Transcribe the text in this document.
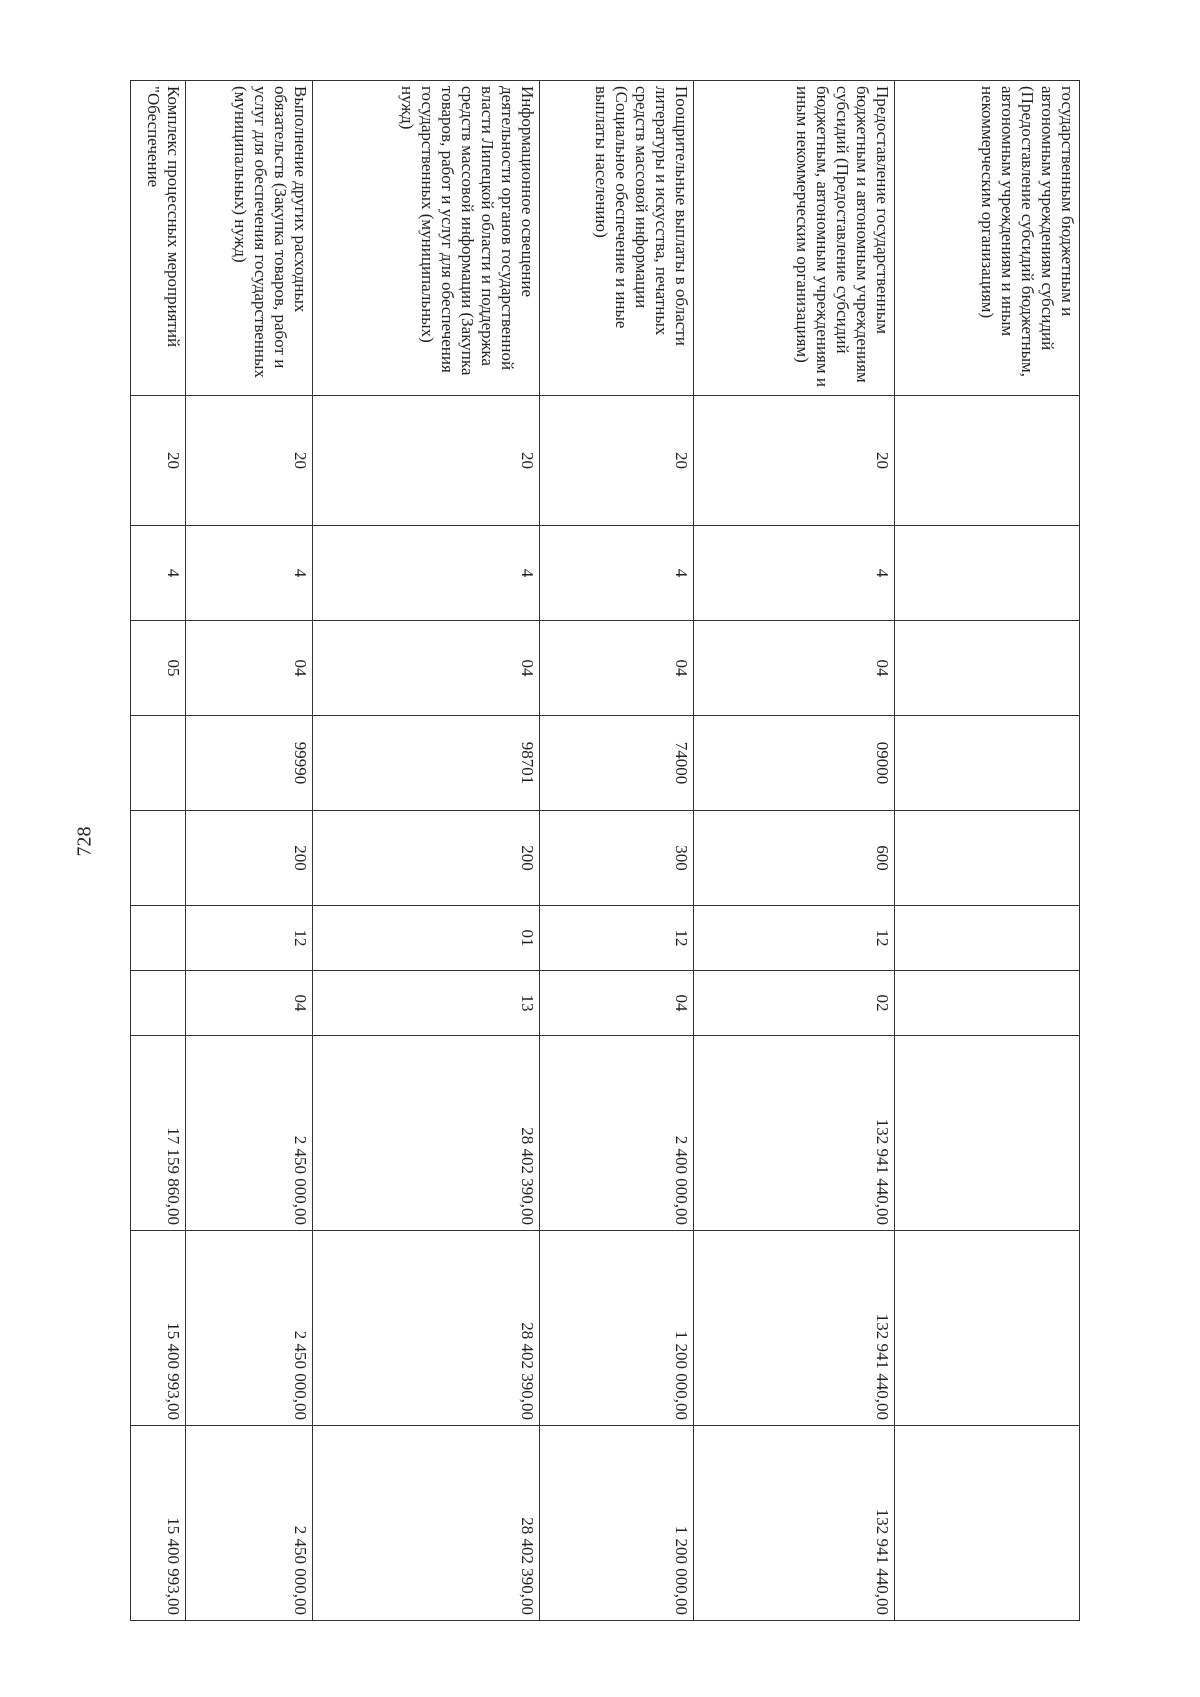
728
государственным бюджетным и автономным учреждениям субсидий (Предоставление субсидий бюджетным, автономным учреждениям и иным некоммерческим организациям)										
Предоставление государственным бюджетным и автономным учреждениям субсидий (Предоставление субсидий бюджетным, автономным учреждениям и иным некоммерческим организациям)	20	4	04	09000	600	12	02	132 941 440,00	132 941 440,00	132 941 440,00
Поощрительные выплаты в области литературы и искусства, печатных средств массовой информации (Социальное обеспечение и иные выплаты населению)	20	4	04	74000	300	12	04	2 400 000,00	1 200 000,00	1 200 000,00
Информационное освещение деятельности органов государственной власти Липецкой области и поддержка средств массовой информации (Закупка товаров, работ и услуг для обеспечения государственных (муниципальных) нужд)	20	4	04	98701	200	01	13	28 402 390,00	28 402 390,00	28 402 390,00
Выполнение других расходных обязательств (Закупка товаров, работ и услуг для обеспечения государственных (муниципальных) нужд)	20	4	04	99990	200	12	04	2 450 000,00	2 450 000,00	2 450 000,00
Комплекс процессных мероприятий "Обеспечение	20	4	05					17 159 860,00	15 400 993,00	15 400 993,00
